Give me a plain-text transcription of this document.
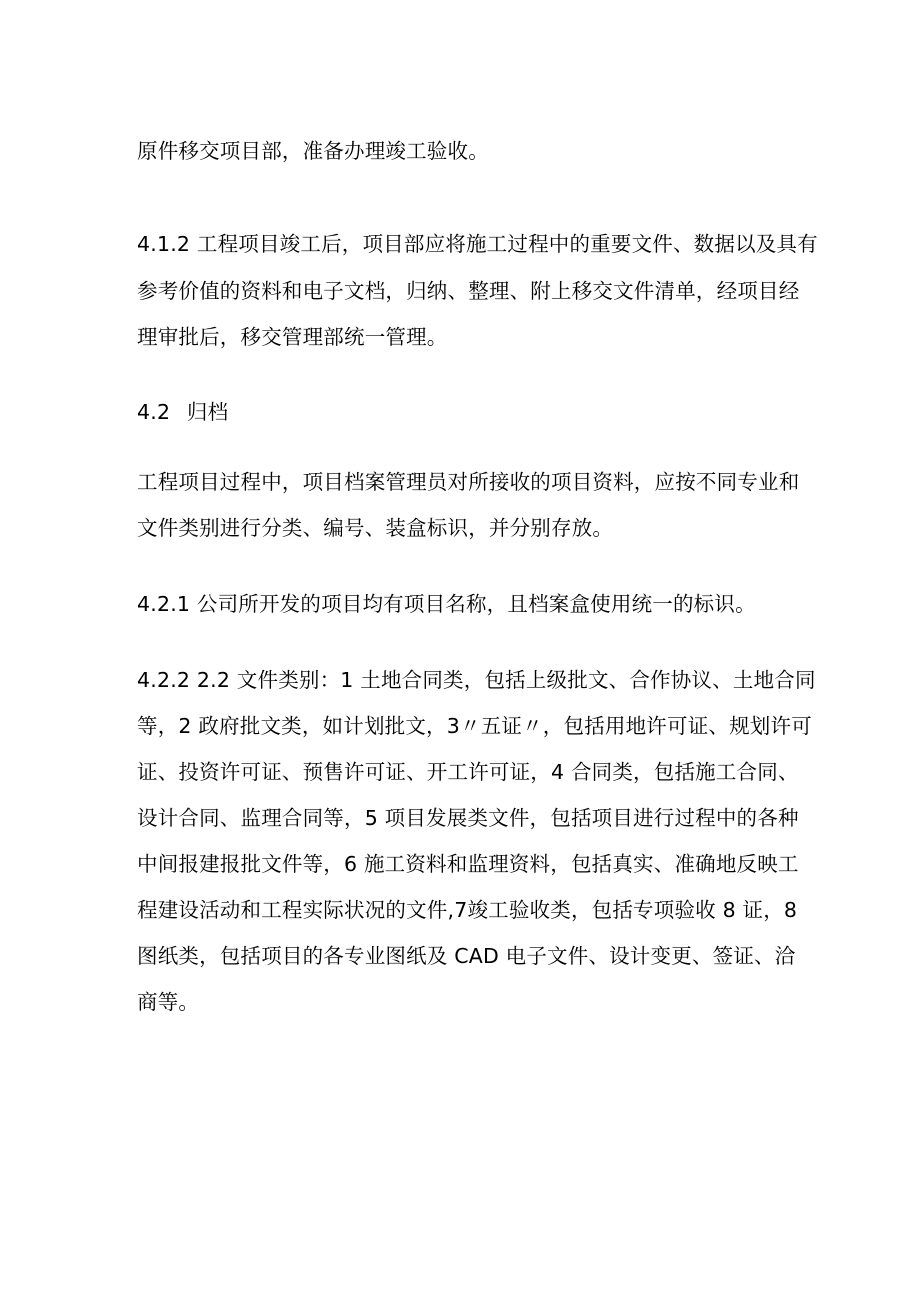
原件移交项目部，准备办理竣工验收。
4.1.2 工程项目竣工后，项目部应将施工过程中的重要文件、数据以及具有
参考价值的资料和电子文档，归纳、整理、附上移交文件清单，经项目经
理审批后，移交管理部统一管理。
4.2 归档
工程项目过程中，项目档案管理员对所接收的项目资料，应按不同专业和
文件类别进行分类、编号、装盒标识，并分别存放。
4.2.1 公司所开发的项目均有项目名称，且档案盒使用统一的标识。
4.2.2 2.2 文件类别：1 土地合同类，包括上级批文、合作协议、土地合同
等，2 政府批文类，如计划批文，3〃五证〃，包括用地许可证、规划许可
证、投资许可证、预售许可证、开工许可证，4 合同类，包括施工合同、
设计合同、监理合同等，5 项目发展类文件，包括项目进行过程中的各种
中间报建报批文件等，6 施工资料和监理资料，包括真实、准确地反映工
程建设活动和工程实际状况的文件,7竣工验收类，包括专项验收 8 证，8
图纸类，包括项目的各专业图纸及 CAD 电子文件、设计变更、签证、洽
商等。
